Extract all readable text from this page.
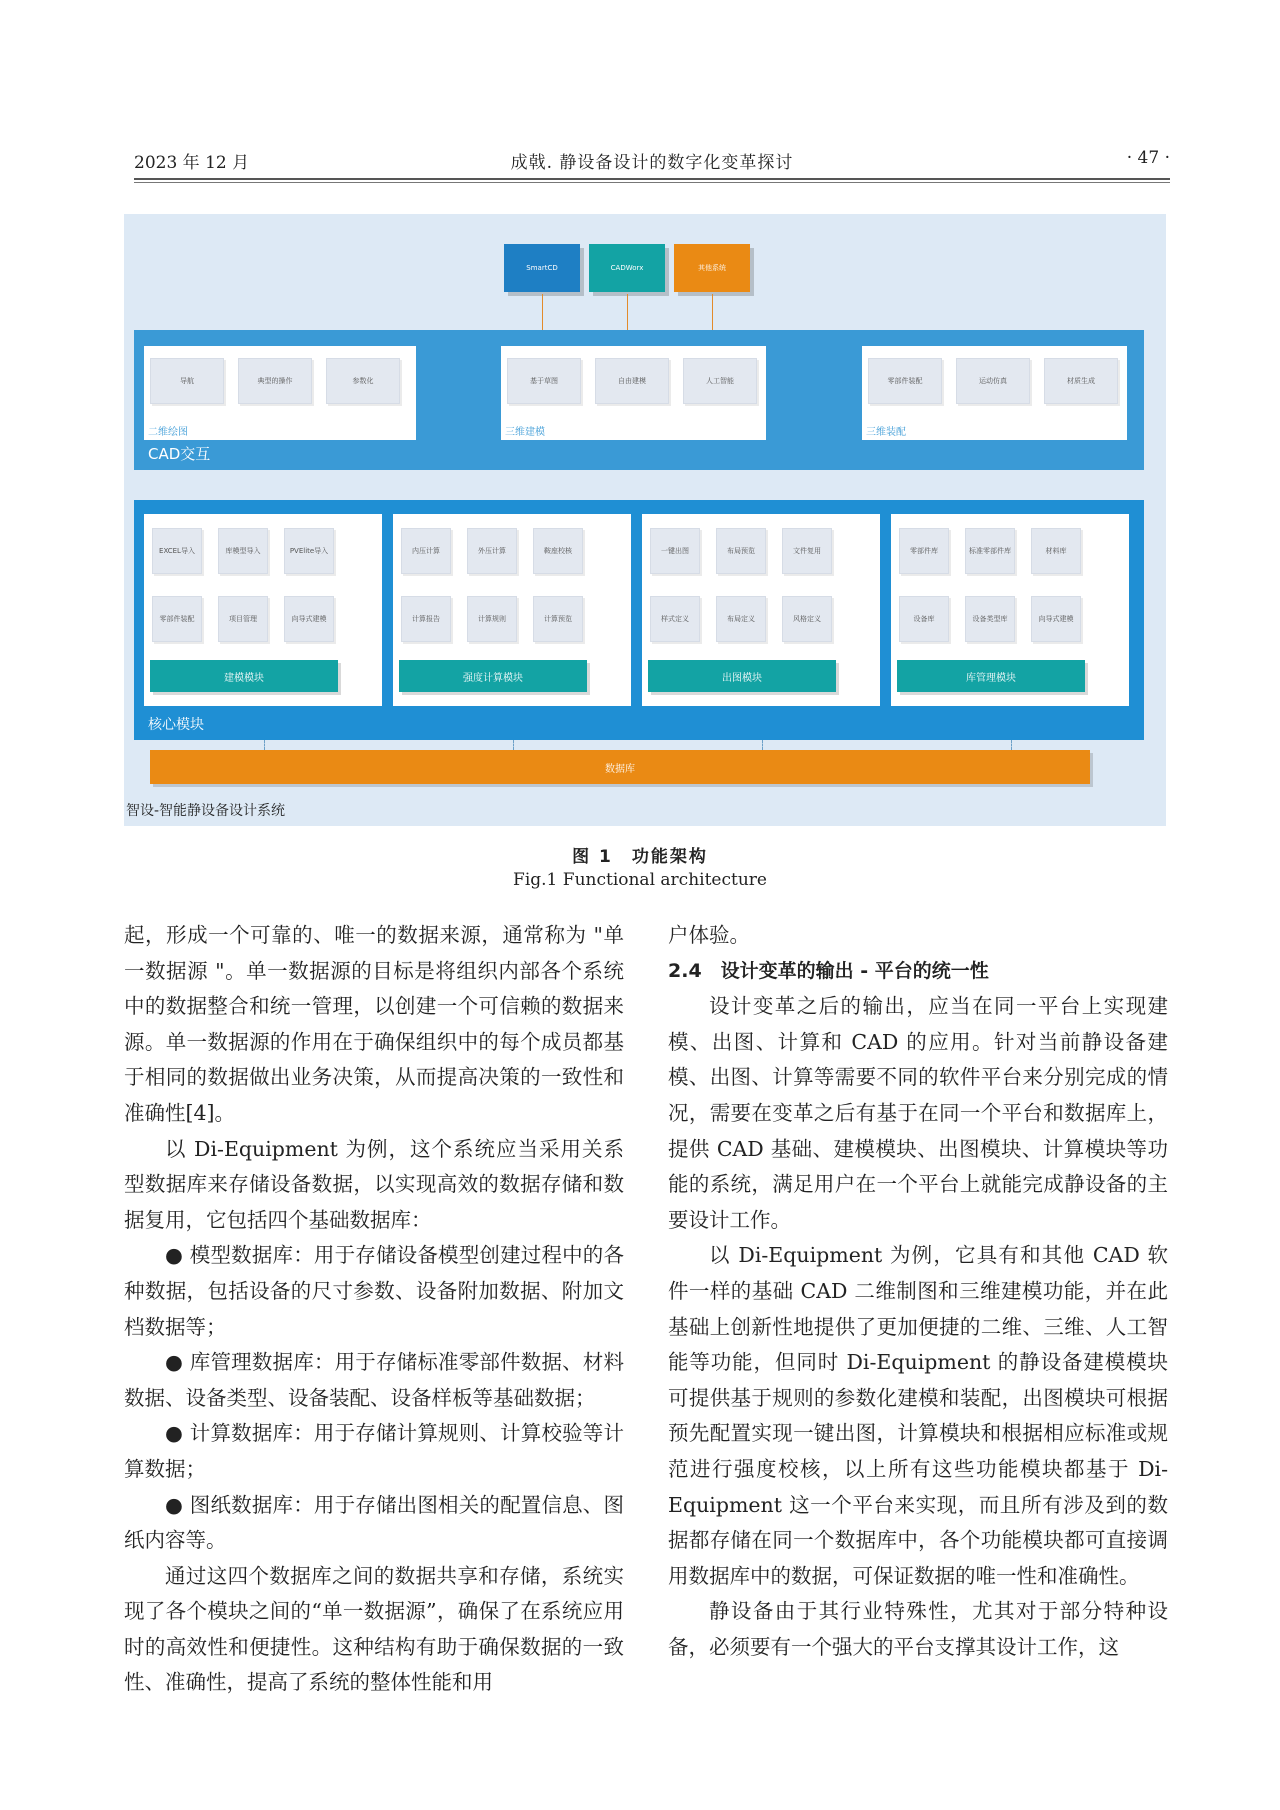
2023 年 12 月	成戟. 静设备设计的数字化变革探讨	· 47 ·
SmartCD	CADWorx	其他系统
导航	典型的操作	参数化
二维绘图
基于草图	自由建模	人工智能
三维建模
零部件装配	运动仿真	材质生成
三维装配
CAD交互
EXCEL导入	库模型导入	PVElite导入
零部件装配	项目管理	向导式建模
建模模块
内压计算	外压计算	鞍座校核
计算报告	计算规则	计算预览
强度计算模块
一键出图	布局预览	文件复用
样式定义	布局定义	风格定义
出图模块
零部件库	标准零部件库	材料库
设备库	设备类型库	向导式建模
库管理模块
核心模块
数据库
智设-智能静设备设计系统
图 1　功能架构
Fig.1 Functional architecture

起，形成一个可靠的、唯一的数据来源，通常称为 "单一数据源 "。单一数据源的目标是将组织内部各个系统中的数据整合和统一管理，以创建一个可信赖的数据来源。单一数据源的作用在于确保组织中的每个成员都基于相同的数据做出业务决策，从而提高决策的一致性和准确性[4]。

以 Di-Equipment 为例，这个系统应当采用关系型数据库来存储设备数据，以实现高效的数据存储和数据复用，它包括四个基础数据库：

● 模型数据库：用于存储设备模型创建过程中的各种数据，包括设备的尺寸参数、设备附加数据、附加文档数据等；

● 库管理数据库：用于存储标准零部件数据、材料数据、设备类型、设备装配、设备样板等基础数据；

● 计算数据库：用于存储计算规则、计算校验等计算数据；

● 图纸数据库：用于存储出图相关的配置信息、图纸内容等。

通过这四个数据库之间的数据共享和存储，系统实现了各个模块之间的“单一数据源”，确保了在系统应用时的高效性和便捷性。这种结构有助于确保数据的一致性、准确性，提高了系统的整体性能和用

户体验。

2.4　设计变革的输出 - 平台的统一性

设计变革之后的输出，应当在同一平台上实现建模、出图、计算和 CAD 的应用。针对当前静设备建模、出图、计算等需要不同的软件平台来分别完成的情况，需要在变革之后有基于在同一个平台和数据库上，提供 CAD 基础、建模模块、出图模块、计算模块等功能的系统，满足用户在一个平台上就能完成静设备的主要设计工作。

以 Di-Equipment 为例，它具有和其他 CAD 软件一样的基础 CAD 二维制图和三维建模功能，并在此基础上创新性地提供了更加便捷的二维、三维、人工智能等功能，但同时 Di-Equipment 的静设备建模模块可提供基于规则的参数化建模和装配，出图模块可根据预先配置实现一键出图，计算模块和根据相应标准或规范进行强度校核，以上所有这些功能模块都基于 Di-Equipment 这一个平台来实现，而且所有涉及到的数据都存储在同一个数据库中，各个功能模块都可直接调用数据库中的数据，可保证数据的唯一性和准确性。

静设备由于其行业特殊性，尤其对于部分特种设备，必须要有一个强大的平台支撑其设计工作，这
